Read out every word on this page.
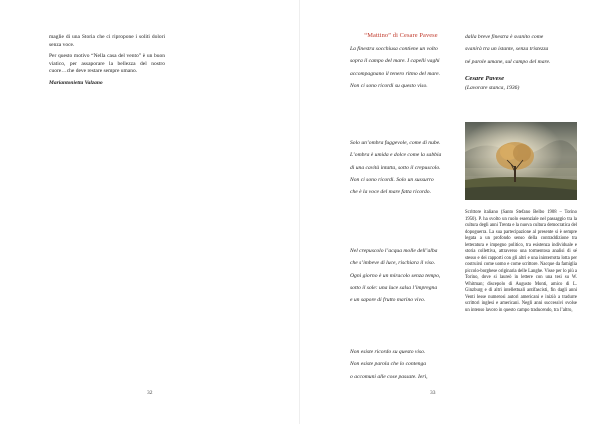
maglie di una Storia che ci ripropone i soliti dolori senza voce.

Per questo motivo “Nella casa del vento” è un buon viatico, per assaporare la bellezza del nostro cuore…che deve restare sempre umano.

Mariantonietta Valzano
32
“Mattino” di Cesare Pavese

La finestra socchiusa contiene un volto

sopra il campo del mare. I capelli vaghi

accompagnano il tenero ritmo del mare.

Non ci sono ricordi su questo viso.

Solo un’ombra fuggevole, come di nube.

L’ombra è umida e dolce come la sabbia

di una cavità intatta, sotto il crepuscolo.

Non ci sono ricordi. Solo un sussurro

che è la voce del mare fatta ricordo.

Nel crepuscolo l’acqua molle dell’alba

che s’imbeve di luce, rischiara il viso.

Ogni giorno è un miracolo senza tempo,

sotto il sole: una luce salsa l’impregna

e un sapore di frutto marino vivo.

Non esiste ricordo su questo viso.

Non esiste parola che lo contenga

o accomuni alle cose passate. Ieri,

dalla breve finestra è svanito come

svanirà tra un istante, senza tristezza

né parole umane, sul campo del mare.

Cesare Pavese
(Lavorare stanca, 1936)
Scrittore italiano (Santo Stefano Belbo 1908 – Torino 1950). P. ha svolto un ruolo essenziale nel passaggio tra la cultura degli anni Trenta e la nuova cultura democratica del dopoguerra. La sua partecipazione al presente si è sempre legata a un profondo senso della contraddizione tra letteratura e impegno politico, tra esistenza individuale e storia collettiva, attraverso una tormentosa analisi di sé stesso e dei rapporti con gli altri e una ininterrotta lotta per costruirsi come uomo e come scrittore. Nacque da famiglia piccolo-borghese originaria delle Langhe. Visse per lo più a Torino, dove si laureò in lettere con una tesi su W. Whitman; discepolo di Augusto Monti, amico di L. Ginzburg e di altri intellettuali antifascisti, fin dagli anni Venti lesse numerosi autori americani e iniziò a tradurre scrittori inglesi e americani. Negli anni successivi svolse un intenso lavoro in questo campo traducendo, tra l’altro,
33
